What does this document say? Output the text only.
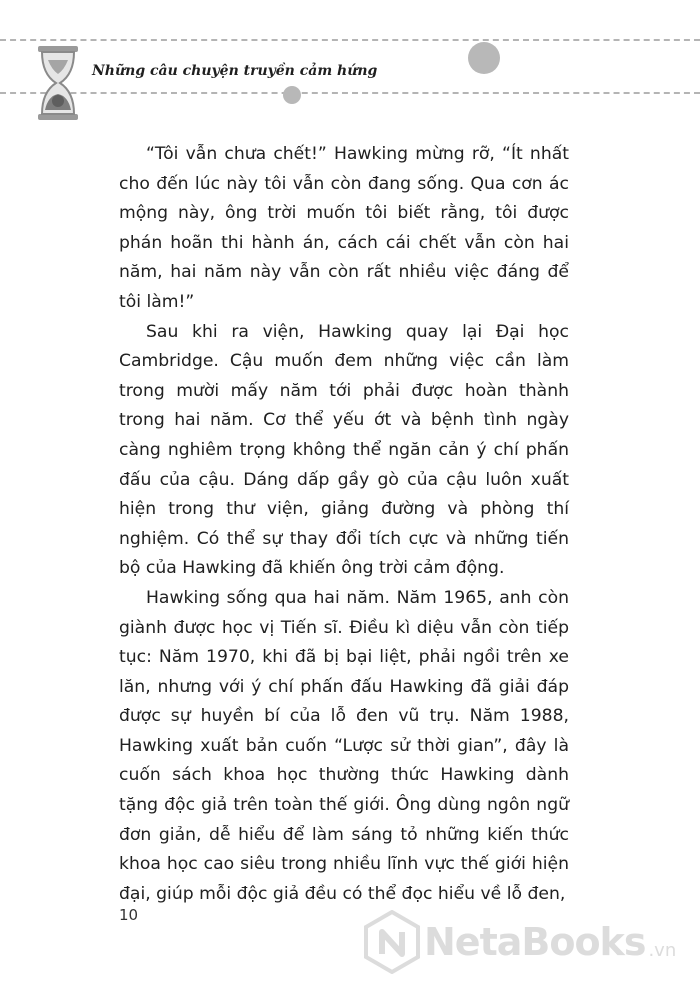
Những câu chuyện truyền cảm hứng

“Tôi vẫn chưa chết!” Hawking mừng rỡ, “Ít nhất cho đến lúc này tôi vẫn còn đang sống. Qua cơn ác mộng này, ông trời muốn tôi biết rằng, tôi được phán hoãn thi hành án, cách cái chết vẫn còn hai năm, hai năm này vẫn còn rất nhiều việc đáng để tôi làm!”

Sau khi ra viện, Hawking quay lại Đại học Cambridge. Cậu muốn đem những việc cần làm trong mười mấy năm tới phải được hoàn thành trong hai năm. Cơ thể yếu ớt và bệnh tình ngày càng nghiêm trọng không thể ngăn cản ý chí phấn đấu của cậu. Dáng dấp gầy gò của cậu luôn xuất hiện trong thư viện, giảng đường và phòng thí nghiệm. Có thể sự thay đổi tích cực và những tiến bộ của Hawking đã khiến ông trời cảm động.

Hawking sống qua hai năm. Năm 1965, anh còn giành được học vị Tiến sĩ. Điều kì diệu vẫn còn tiếp tục: Năm 1970, khi đã bị bại liệt, phải ngồi trên xe lăn, nhưng với ý chí phấn đấu Hawking đã giải đáp được sự huyền bí của lỗ đen vũ trụ. Năm 1988, Hawking xuất bản cuốn “Lược sử thời gian”, đây là cuốn sách khoa học thường thức Hawking dành tặng độc giả trên toàn thế giới. Ông dùng ngôn ngữ đơn giản, dễ hiểu để làm sáng tỏ những kiến thức khoa học cao siêu trong nhiều lĩnh vực thế giới hiện đại, giúp mỗi độc giả đều có thể đọc hiểu về lỗ đen,

10
NetaBooks .vn
